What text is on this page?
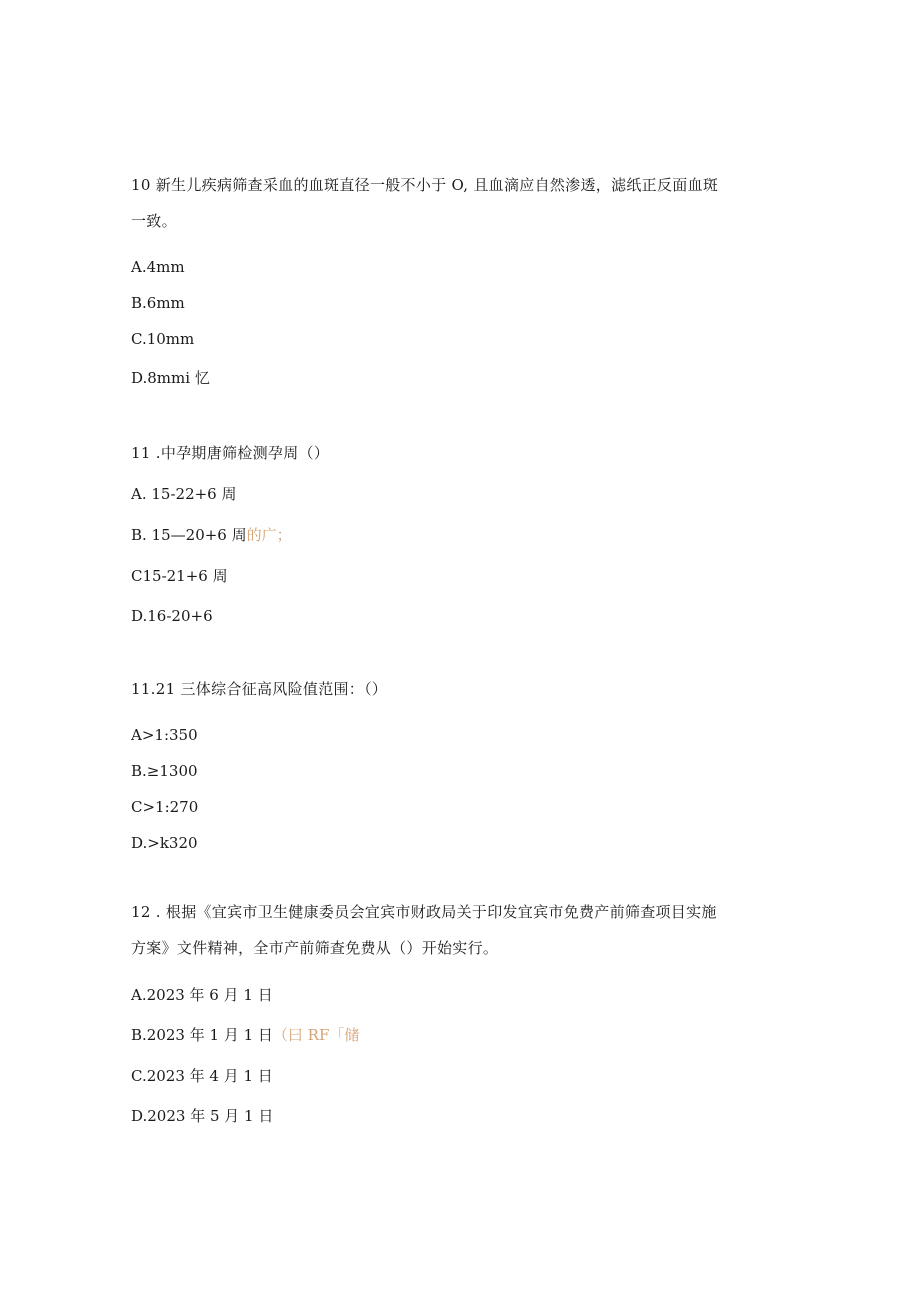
10 新生儿疾病筛查采血的血斑直径一般不小于 O, 且血滴应自然渗透，滤纸正反面血斑
一致。
A.4mm
B.6mm
C.10mm
D.8mmi 忆
11 .中孕期唐筛检测孕周（）
A. 15-22+6 周
B. 15—20+6 周的广；
C15-21+6 周
D.16-20+6
11.21 三体综合征高风险值范围：（）
A>1:350
B.≥1300
C>1:270
D.>k320
12 . 根据《宜宾市卫生健康委员会宜宾市财政局关于印发宜宾市免费产前筛查项目实施
方案》文件精神，全市产前筛查免费从（）开始实行。
A.2023 年 6 月 1 日
B.2023 年 1 月 1 日（曰 RF「储
C.2023 年 4 月 1 日
D.2023 年 5 月 1 日
